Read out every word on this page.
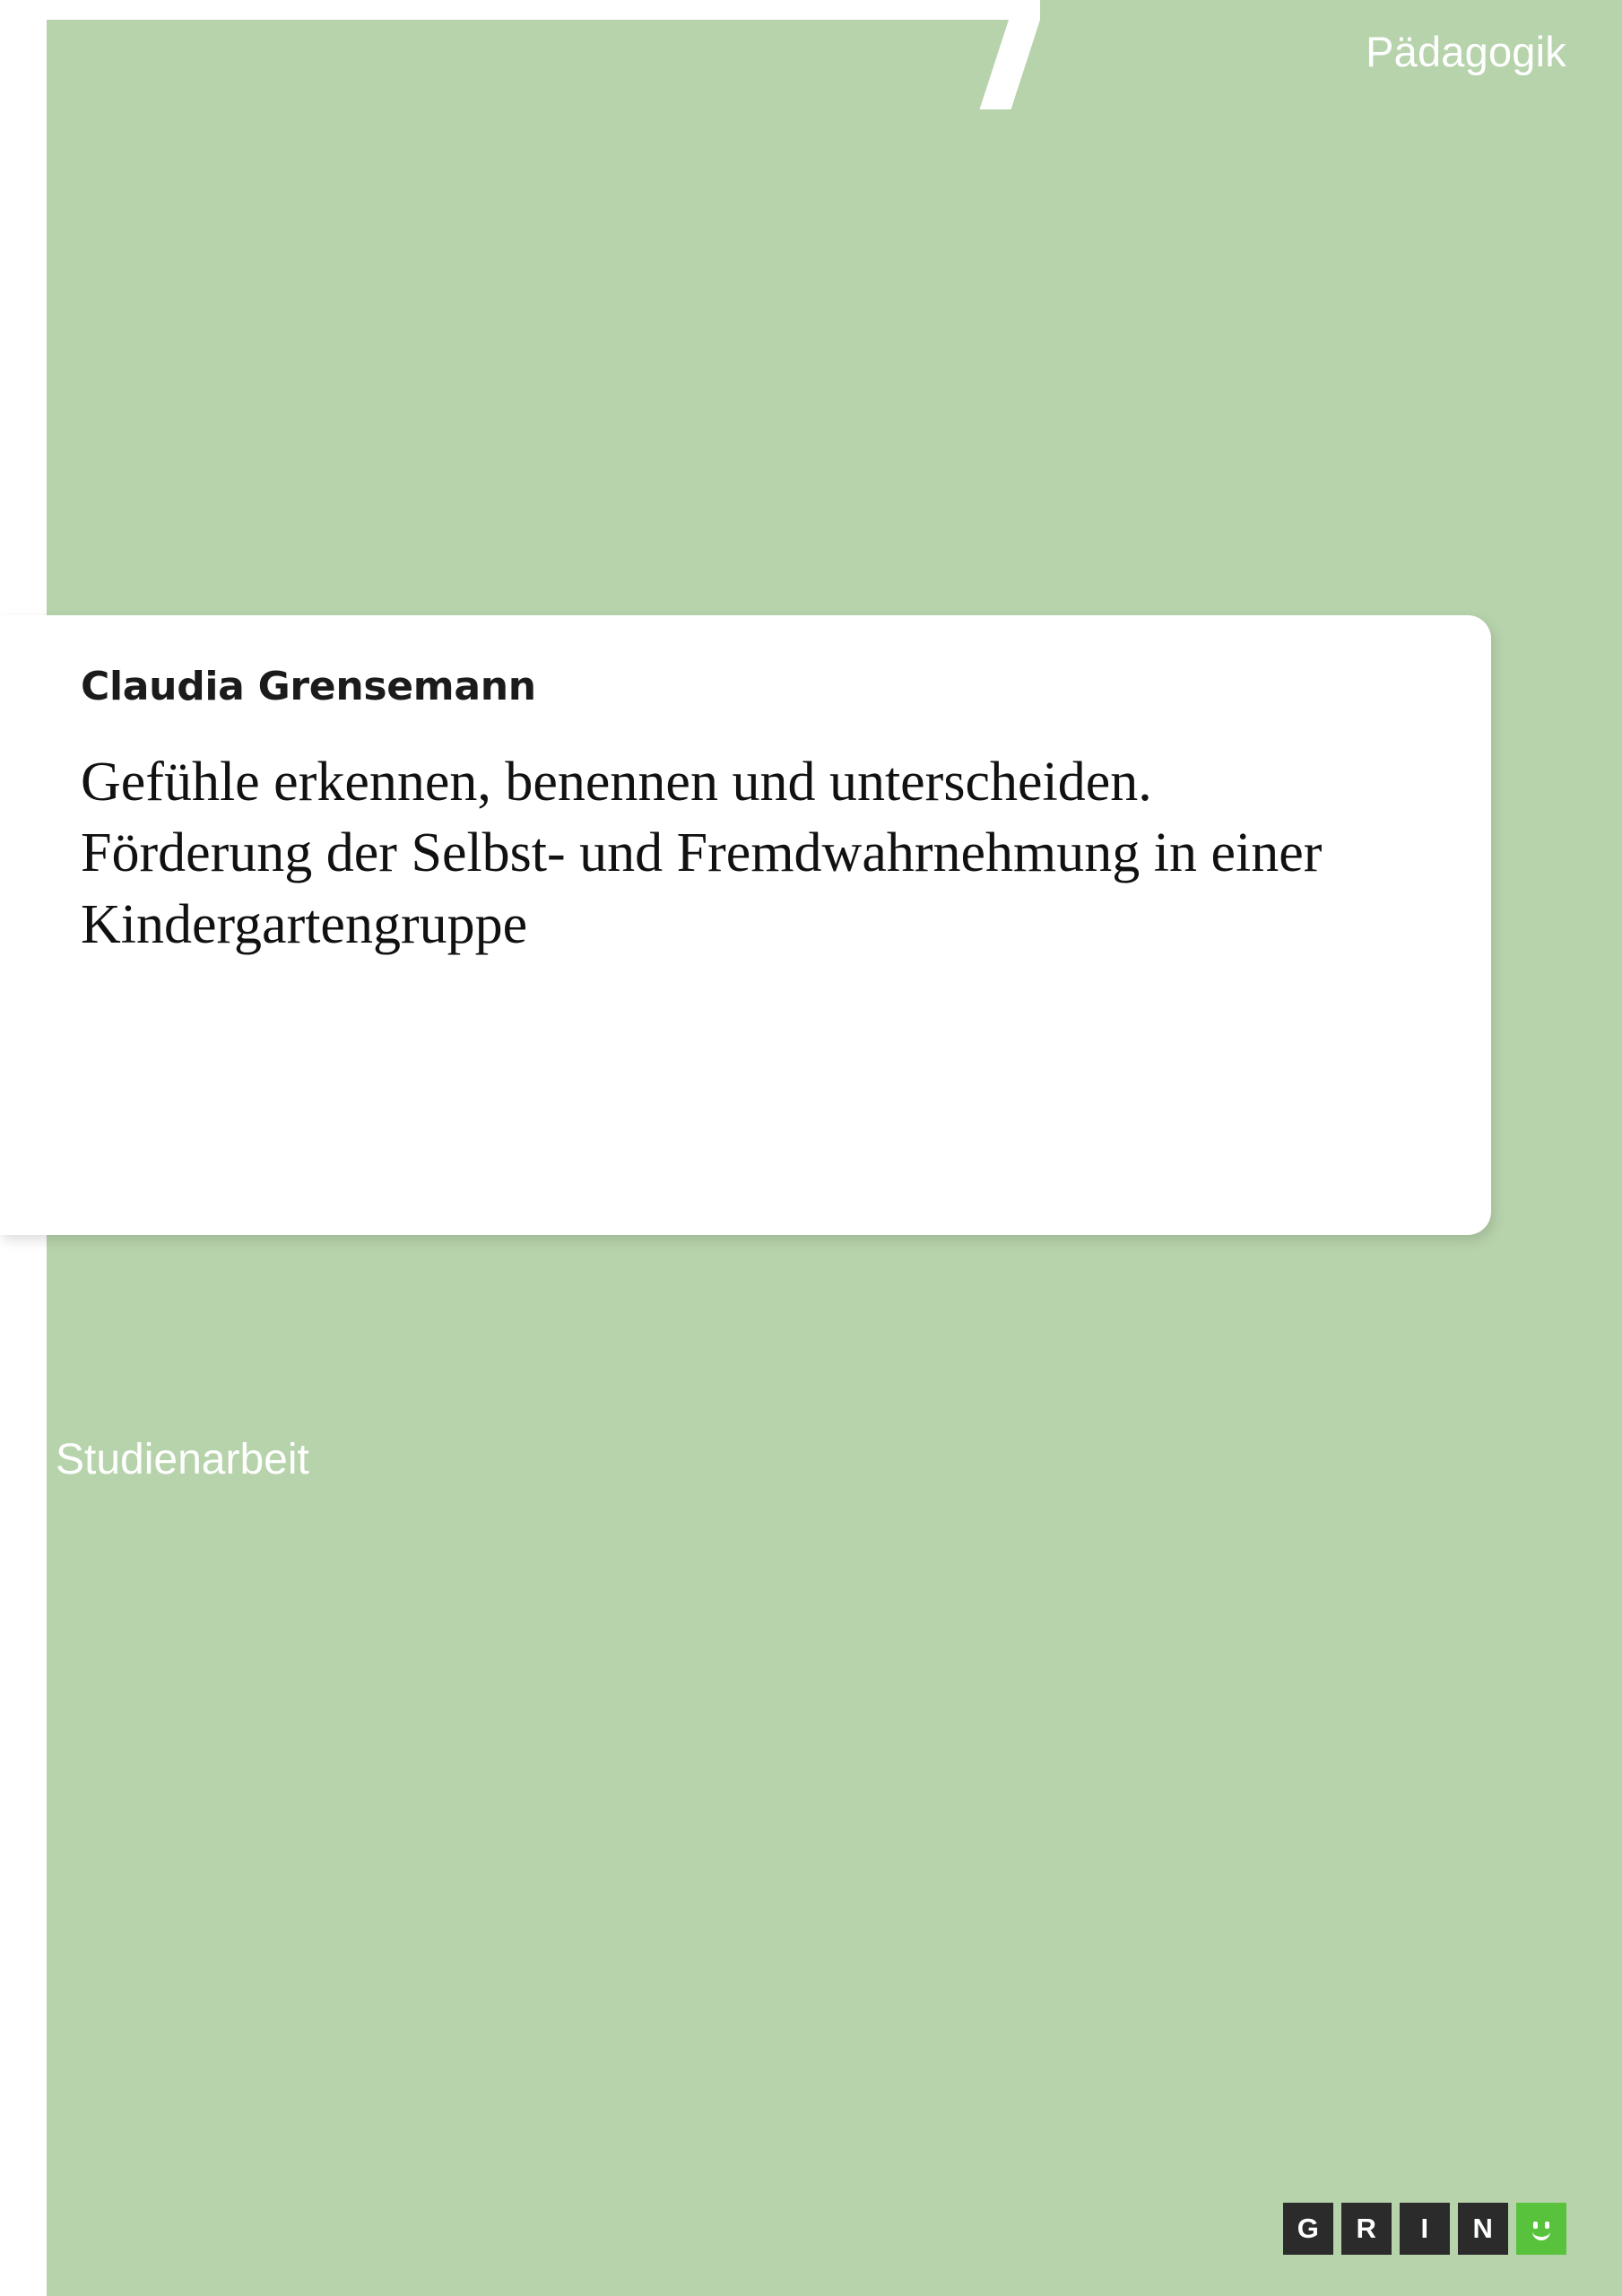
Pädagogik
Claudia Grensemann
Gefühle erkennen, benennen und unterscheiden. Förderung der Selbst- und Fremdwahrnehmung in einer Kindergartengruppe
Studienarbeit
G	R	I	N
